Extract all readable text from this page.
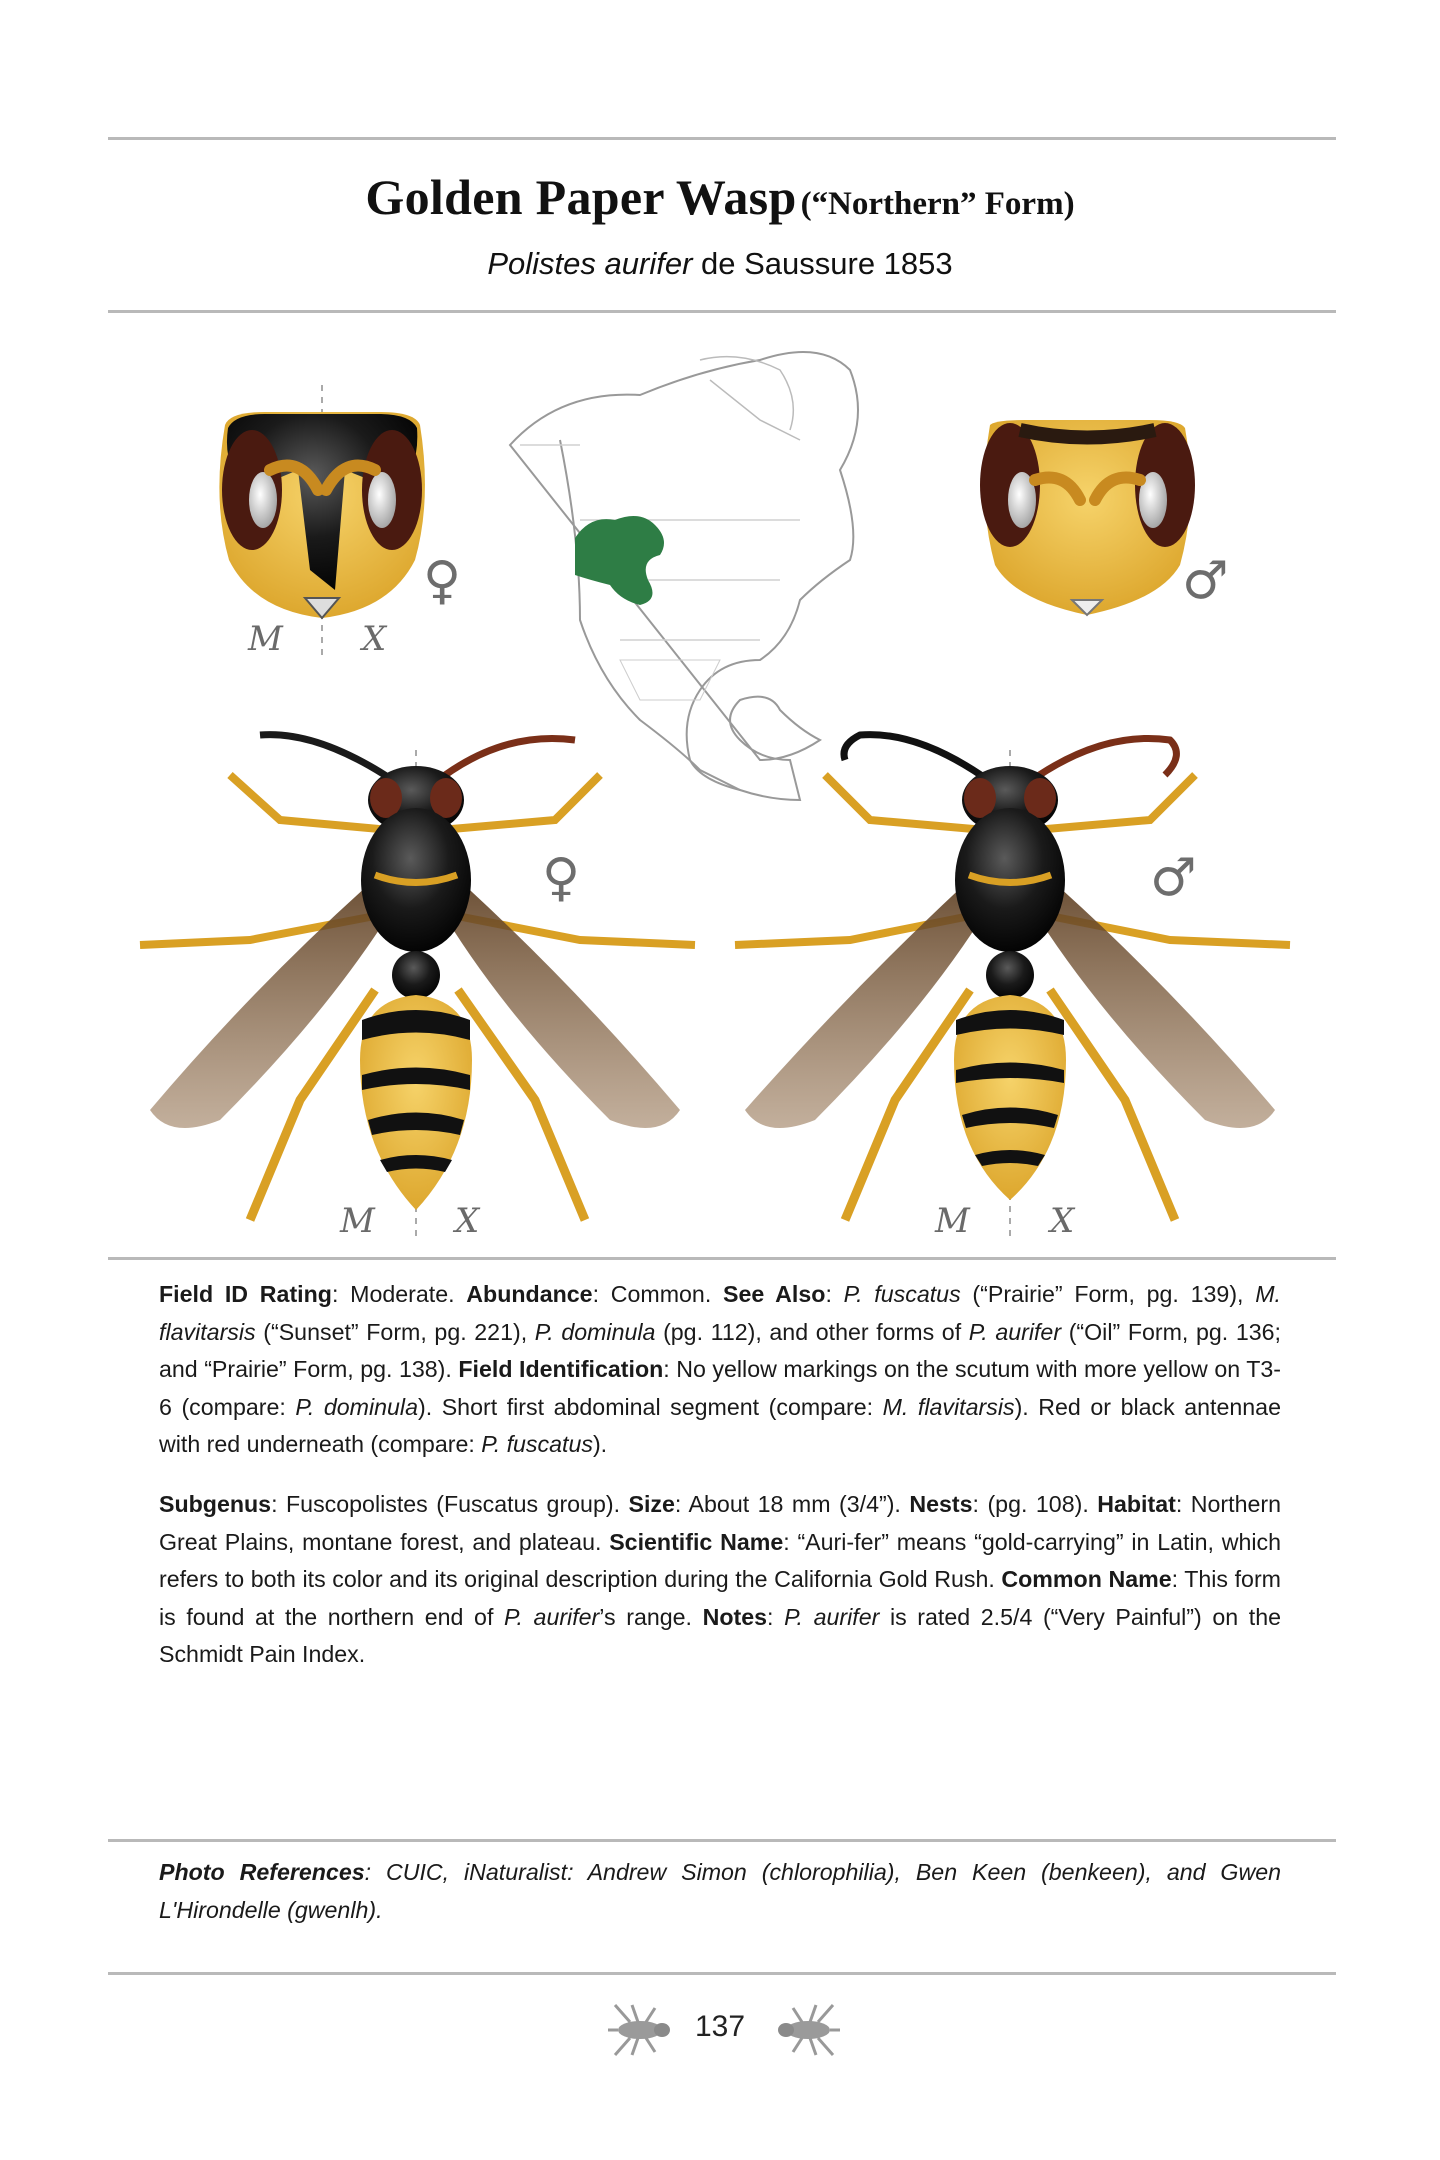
Golden Paper Wasp (“Northern” Form)
Polistes aurifer de Saussure 1853
M X
♀	♂
M X
♀
M X
♂
Field ID Rating: Moderate. Abundance: Common. See Also: P. fuscatus (“Prairie” Form, pg. 139), M. flavitarsis (“Sunset” Form, pg. 221), P. dominula (pg. 112), and other forms of P. aurifer (“Oil” Form, pg. 136; and “Prairie” Form, pg. 138). Field Identification: No yellow markings on the scutum with more yellow on T3-6 (compare: P. dominula). Short first abdominal segment (compare: M. flavitarsis). Red or black antennae with red underneath (compare: P. fuscatus).
Subgenus: Fuscopolistes (Fuscatus group). Size: About 18 mm (3/4”). Nests: (pg. 108). Habitat: Northern Great Plains, montane forest, and plateau. Scientific Name: “Auri-fer” means “gold-carrying” in Latin, which refers to both its color and its original description during the California Gold Rush. Common Name: This form is found at the northern end of P. aurifer’s range. Notes: P. aurifer is rated 2.5/4 (“Very Painful”) on the Schmidt Pain Index.
Photo References: CUIC, iNaturalist: Andrew Simon (chlorophilia), Ben Keen (benkeen), and Gwen L'Hirondelle (gwenlh).
137
